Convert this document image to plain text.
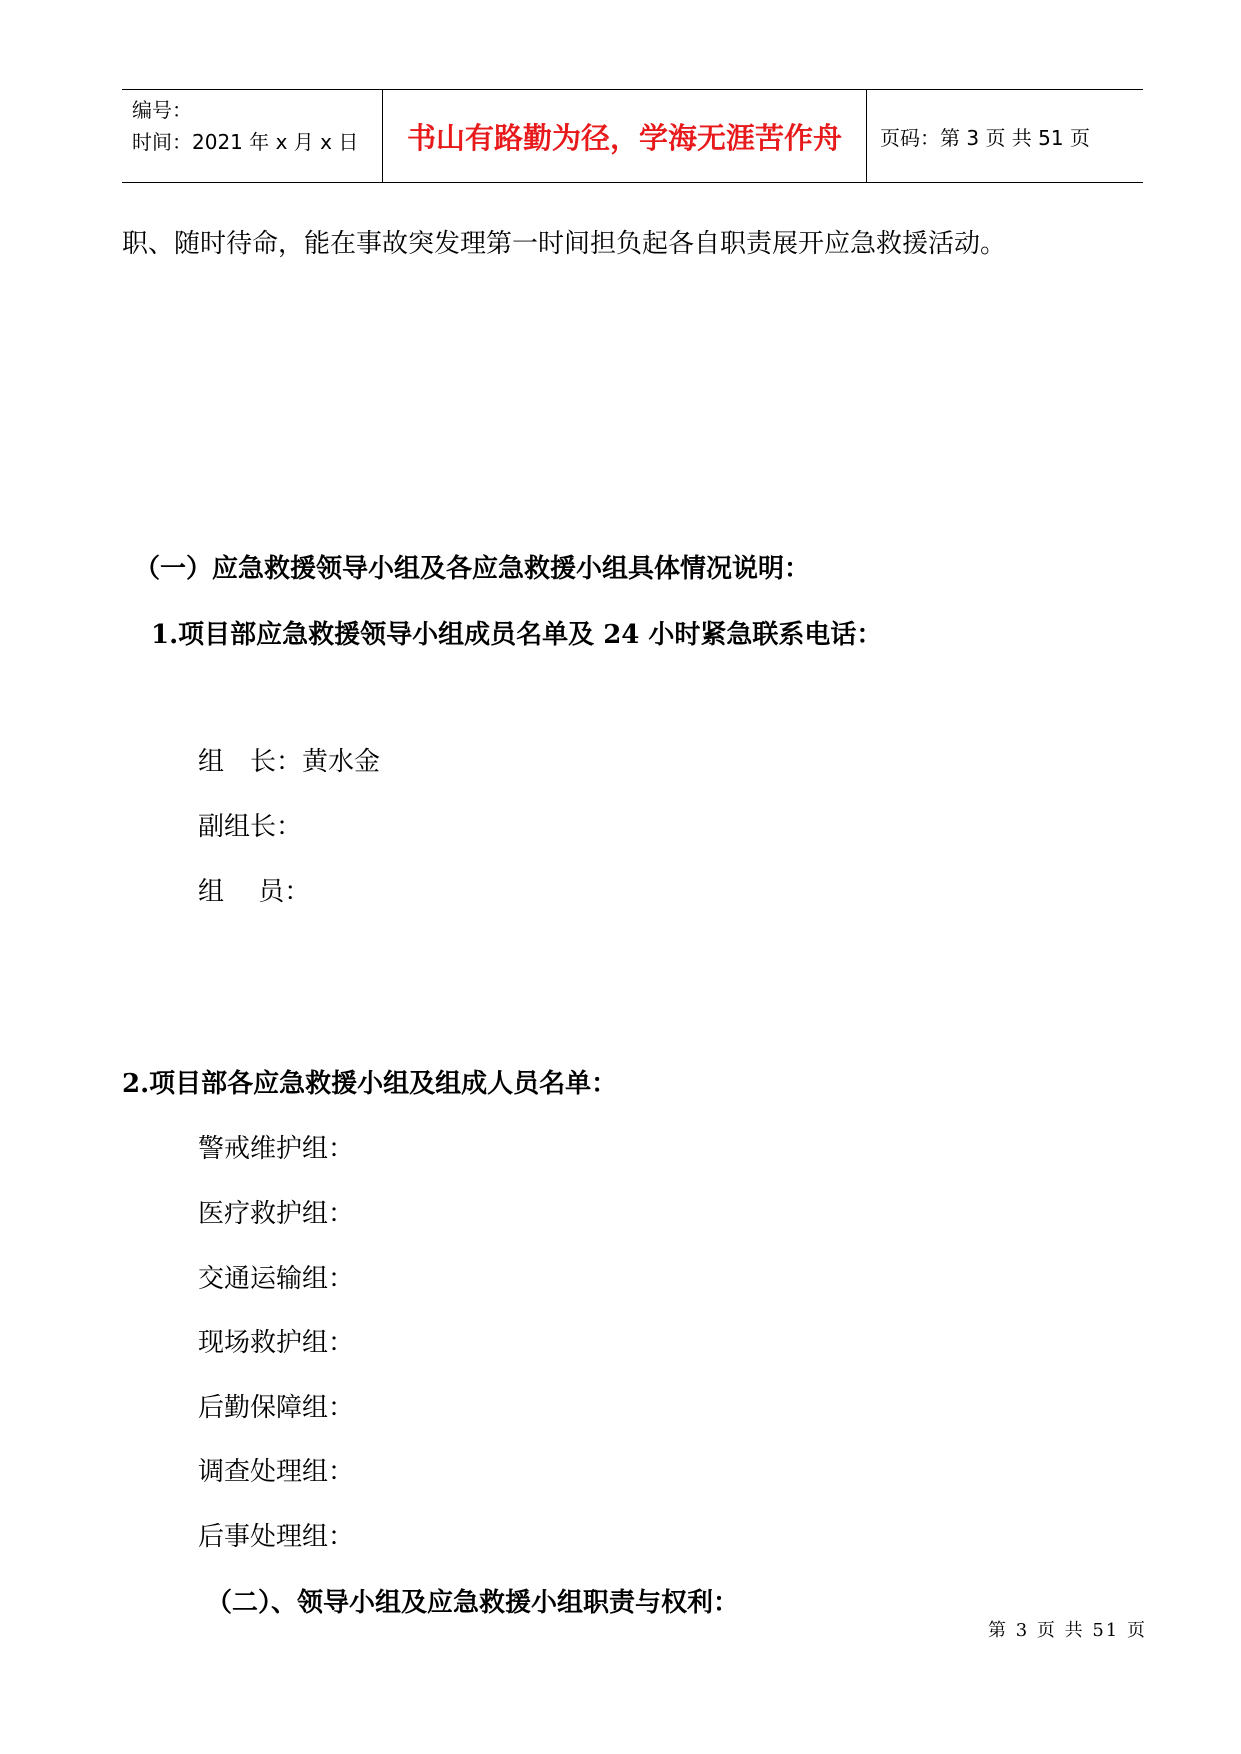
编号：
时间：2021 年 x 月 x 日	书山有路勤为径，学海无涯苦作舟	页码：第 3 页 共 51 页
职、随时待命，能在事故突发理第一时间担负起各自职责展开应急救援活动。
（一）应急救援领导小组及各应急救援小组具体情况说明：
1.项目部应急救援领导小组成员名单及 24 小时紧急联系电话：
组　长：黄水金
副组长：
组　 员：
2.项目部各应急救援小组及组成人员名单：
警戒维护组：
医疗救护组：
交通运输组：
现场救护组：
后勤保障组：
调查处理组：
后事处理组：
（二）、领导小组及应急救援小组职责与权利：
第 3 页 共 51 页
